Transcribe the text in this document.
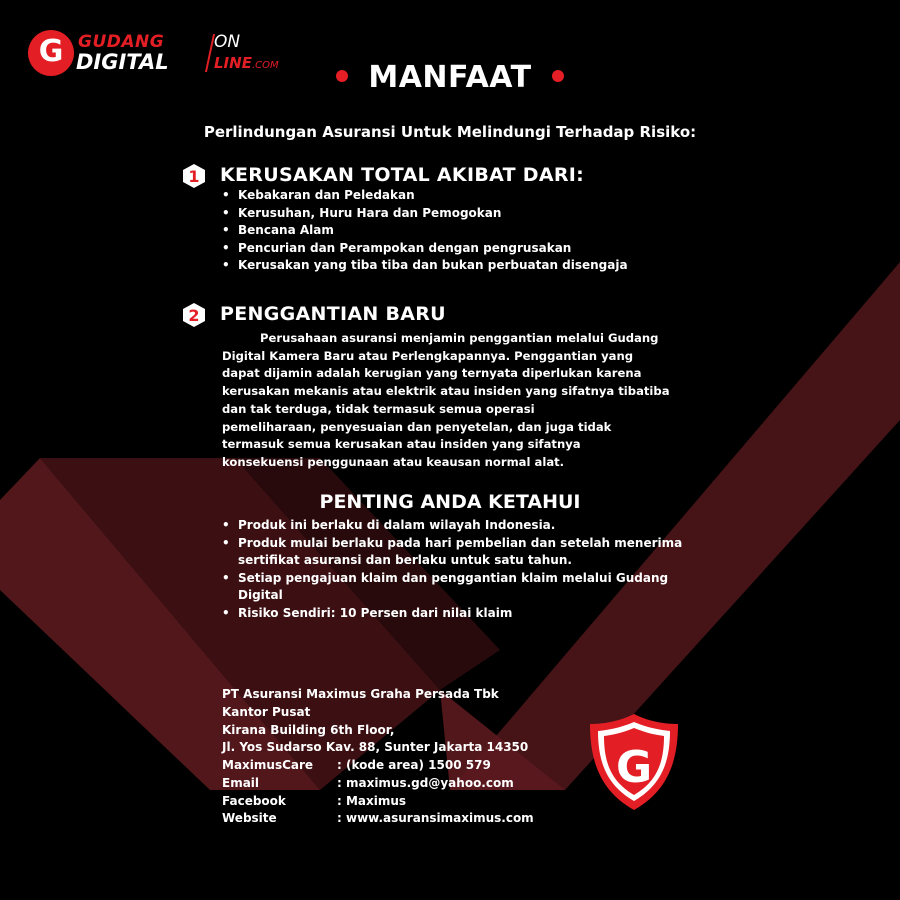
G GUDANG
DIGITAL
ON
LINE.COM	MANFAAT
Perlindungan Asuransi Untuk Melindungi Terhadap Risiko:
1 KERUSAKAN TOTAL AKIBAT DARI:
• Kebakaran dan Peledakan
• Kerusuhan, Huru Hara dan Pemogokan
• Bencana Alam
• Pencurian dan Perampokan dengan pengrusakan
• Kerusakan yang tiba tiba dan bukan perbuatan disengaja
2 PENGGANTIAN BARU
Perusahaan asuransi menjamin penggantian melalui Gudang
Digital Kamera Baru atau Perlengkapannya. Penggantian yang
dapat dijamin adalah kerugian yang ternyata diperlukan karena
kerusakan mekanis atau elektrik atau insiden yang sifatnya tibatiba
dan tak terduga, tidak termasuk semua operasi
pemeliharaan, penyesuaian dan penyetelan, dan juga tidak
termasuk semua kerusakan atau insiden yang sifatnya
konsekuensi penggunaan atau keausan normal alat.
PENTING ANDA KETAHUI
• Produk ini berlaku di dalam wilayah Indonesia.
• Produk mulai berlaku pada hari pembelian dan setelah menerima
sertifikat asuransi dan berlaku untuk satu tahun.
• Setiap pengajuan klaim dan penggantian klaim melalui Gudang
Digital
• Risiko Sendiri: 10 Persen dari nilai klaim
PT Asuransi Maximus Graha Persada Tbk
Kantor Pusat
Kirana Building 6th Floor,
Jl. Yos Sudarso Kav. 88, Sunter Jakarta 14350
MaximusCare	: (kode area) 1500 579
Email	: maximus.gd@yahoo.com
Facebook	: Maximus
Website	: www.asuransimaximus.com
G
